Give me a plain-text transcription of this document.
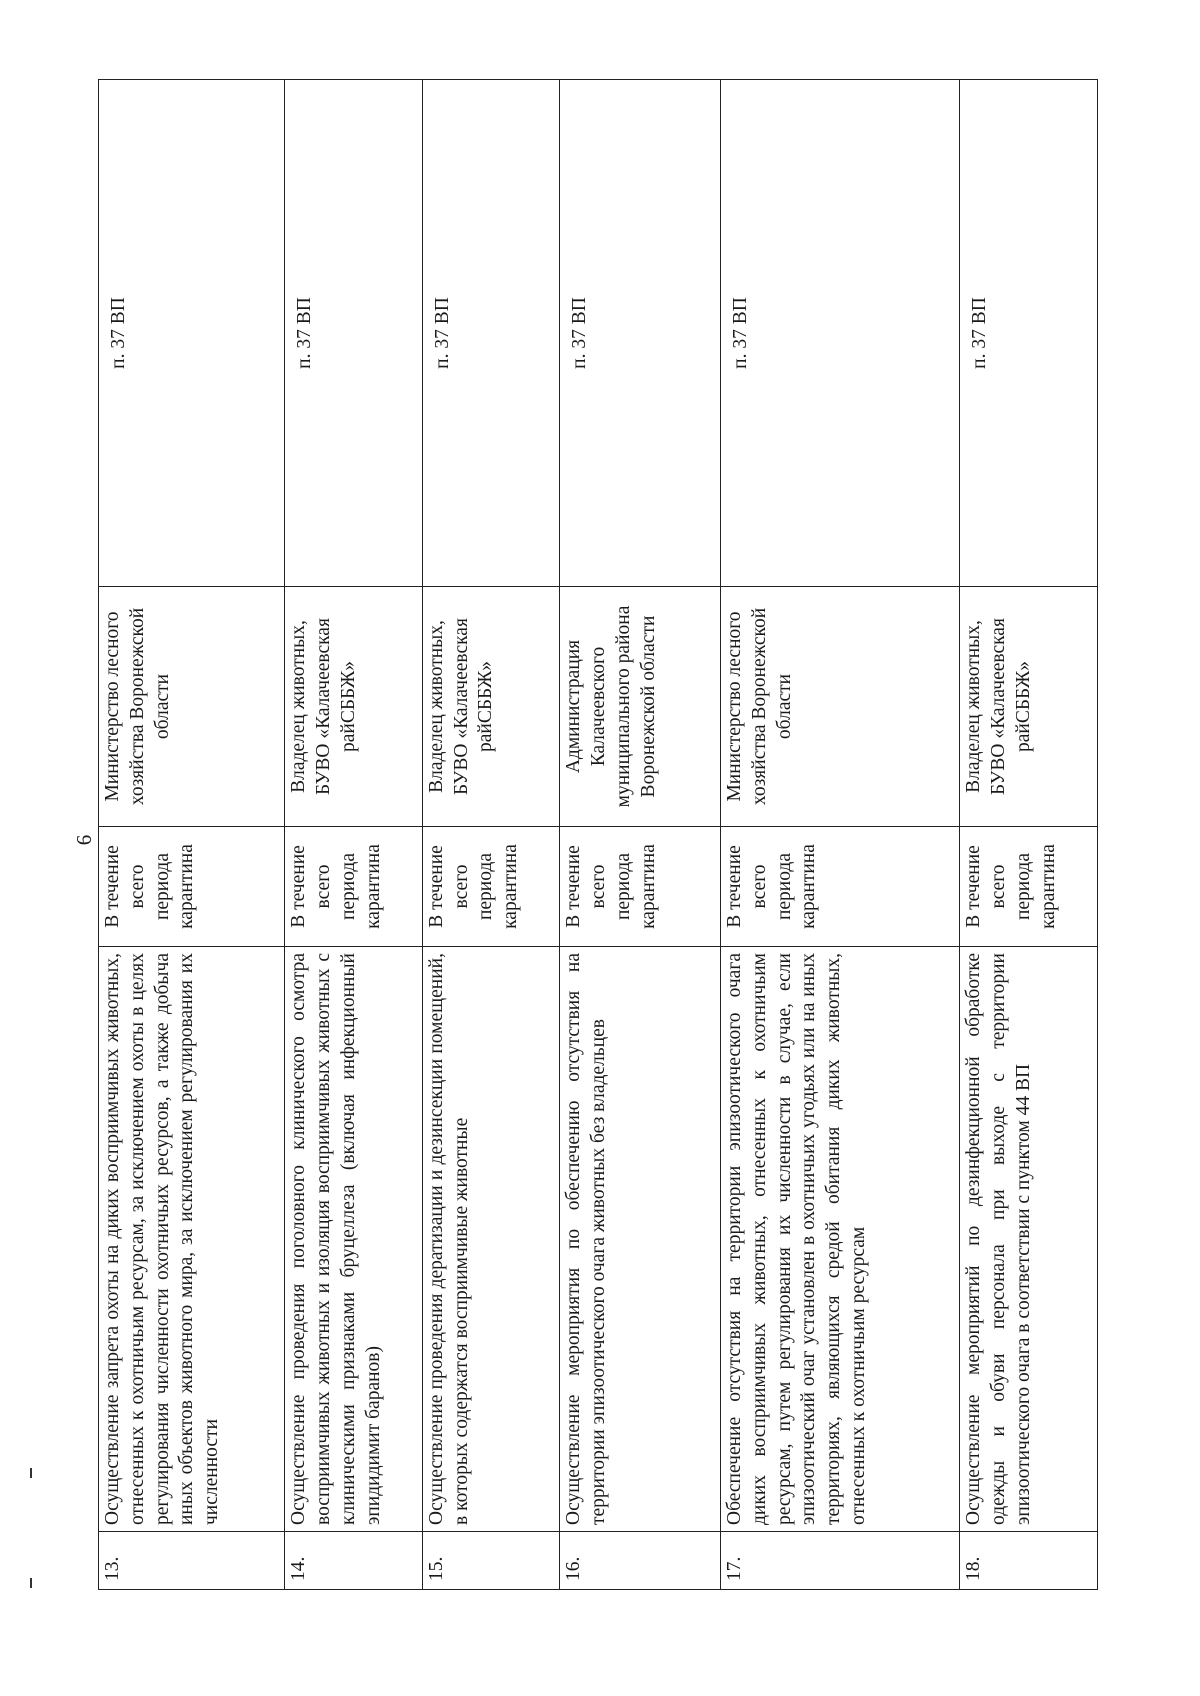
6
13.	Осуществление запрета охоты на диких восприимчивых животных, отнесенных к охотничьим ресурсам, за исключением охоты в целях регулирования численности охотничьих ресурсов, а также добыча иных объектов животного мира, за исключением регулирования их численности	В течение всего периода карантина	Министерство лесного хозяйства Воронежской области	п. 37 ВП
14.	Осуществление проведения поголовного клинического осмотра восприимчивых животных и изоляция восприимчивых животных с клиническими признаками бруцеллеза (включая инфекционный эпидидимит баранов)	В течение всего периода карантина	Владелец животных, БУВО «Калачеевская райСББЖ»	п. 37 ВП
15.	Осуществление проведения дератизации и дезинсекции помещений, в которых содержатся восприимчивые животные	В течение всего периода карантина	Владелец животных, БУВО «Калачеевская райСББЖ»	п. 37 ВП
16.	Осуществление мероприятия по обеспечению отсутствия на территории эпизоотического очага животных без владельцев	В течение всего периода карантина	Администрация Калачеевского муниципального района Воронежской области	п. 37 ВП
17.	Обеспечение отсутствия на территории эпизоотического очага диких восприимчивых животных, отнесенных к охотничьим ресурсам, путем регулирования их численности в случае, если эпизоотический очаг установлен в охотничьих угодьях или на иных территориях, являющихся средой обитания диких животных, отнесенных к охотничьим ресурсам	В течение всего периода карантина	Министерство лесного хозяйства Воронежской области	п. 37 ВП
18.	Осуществление мероприятий по дезинфекционной обработке одежды и обуви персонала при выходе с территории эпизоотического очага в соответствии с пунктом 44 ВП	В течение всего периода карантина	Владелец животных, БУВО «Калачеевская райСББЖ»	п. 37 ВП
